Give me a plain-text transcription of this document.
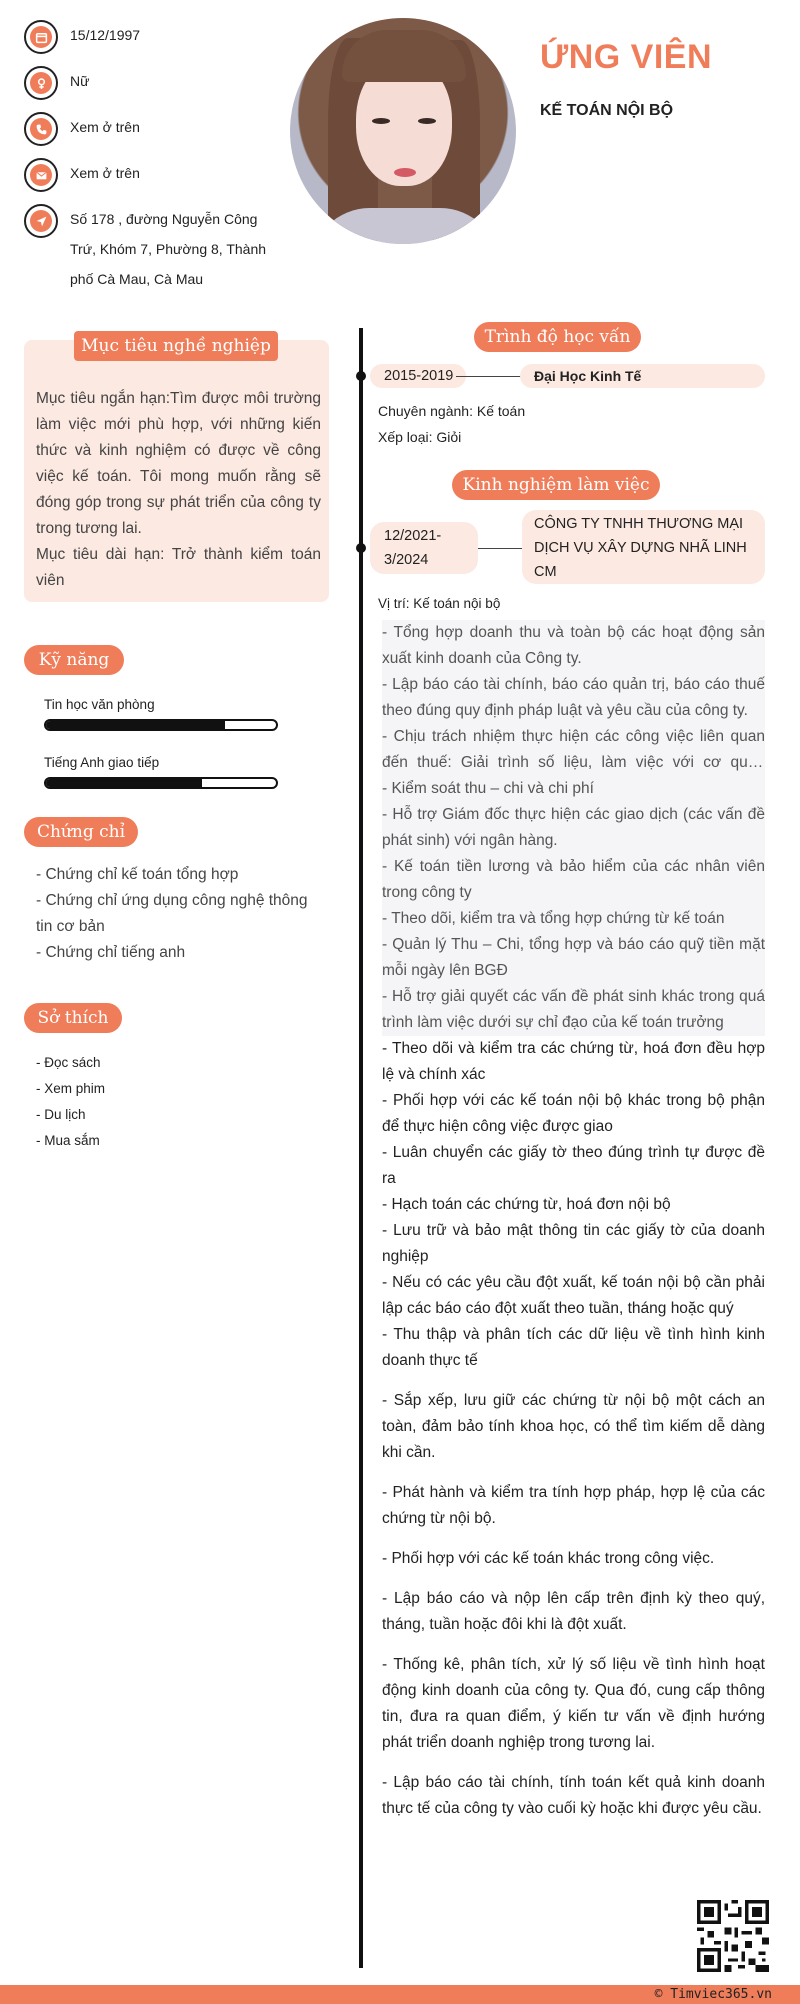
15/12/1997
Nữ
Xem ở trên
Xem ở trên
Số 178 , đường Nguyễn Công Trứ, Khóm 7, Phường 8, Thành phố Cà Mau, Cà Mau
ỨNG VIÊN
KẾ TOÁN NỘI BỘ
Mục tiêu nghề nghiệp

Mục tiêu ngắn hạn:Tìm được môi trường làm việc mới phù hợp, với những kiến thức và kinh nghiệm có được về công việc kế toán. Tôi mong muốn rằng sẽ đóng góp trong sự phát triển của công ty trong tương lai.

Mục tiêu dài hạn: Trở thành kiểm toán viên

Kỹ năng
Tin học văn phòng
Tiếng Anh giao tiếp
Chứng chỉ

- Chứng chỉ kế toán tổng hợp

- Chứng chỉ ứng dụng công nghệ thông tin cơ bản

- Chứng chỉ tiếng anh

Sở thích

- Đọc sách

- Xem phim

- Du lịch

- Mua sắm

Trình độ học vấn
2015-2019	Đại Học Kinh Tế

Chuyên ngành: Kế toán

Xếp loại: Giỏi

Kinh nghiệm làm việc
12/2021-3/2024
CÔNG TY TNHH THƯƠNG MẠI DỊCH VỤ XÂY DỰNG NHÃ LINH CM
Vị trí: Kế toán nội bộ

- Tổng hợp doanh thu và toàn bộ các hoạt động sản xuất kinh doanh của Công ty.

- Lập báo cáo tài chính, báo cáo quản trị, báo cáo thuế theo đúng quy định pháp luật và yêu cầu của công ty.

- Chịu trách nhiệm thực hiện các công việc liên quan đến thuế: Giải trình số liệu, làm việc với cơ quan

- Kiểm soát thu – chi và chi phí

- Hỗ trợ Giám đốc thực hiện các giao dịch (các vấn đề phát sinh) với ngân hàng.

- Kế toán tiền lương và bảo hiểm của các nhân viên trong công ty

- Theo dõi, kiểm tra và tổng hợp chứng từ kế toán

- Quản lý Thu – Chi, tổng hợp và báo cáo quỹ tiền mặt mỗi ngày lên BGĐ

- Hỗ trợ giải quyết các vấn đề phát sinh khác trong quá trình làm việc dưới sự chỉ đạo của kế toán trưởng

- Theo dõi và kiểm tra các chứng từ, hoá đơn đều hợp lệ và chính xác

- Phối hợp với các kế toán nội bộ khác trong bộ phận để thực hiện công việc được giao

- Luân chuyển các giấy tờ theo đúng trình tự được đề ra

- Hạch toán các chứng từ, hoá đơn nội bộ

- Lưu trữ và bảo mật thông tin các giấy tờ của doanh nghiệp

- Nếu có các yêu cầu đột xuất, kế toán nội bộ cần phải lập các báo cáo đột xuất theo tuần, tháng hoặc quý

- Thu thập và phân tích các dữ liệu về tình hình kinh doanh thực tế

- Sắp xếp, lưu giữ các chứng từ nội bộ một cách an toàn, đảm bảo tính khoa học, có thể tìm kiếm dễ dàng khi cần.

- Phát hành và kiểm tra tính hợp pháp, hợp lệ của các chứng từ nội bộ.

- Phối hợp với các kế toán khác trong công việc.

- Lập báo cáo và nộp lên cấp trên định kỳ theo quý, tháng, tuần hoặc đôi khi là đột xuất.

- Thống kê, phân tích, xử lý số liệu về tình hình hoạt động kinh doanh của công ty. Qua đó, cung cấp thông tin, đưa ra quan điểm, ý kiến tư vấn về định hướng phát triển doanh nghiệp trong tương lai.

- Lập báo cáo tài chính, tính toán kết quả kinh doanh thực tế của công ty vào cuối kỳ hoặc khi được yêu cầu.

© Timviec365.vn
